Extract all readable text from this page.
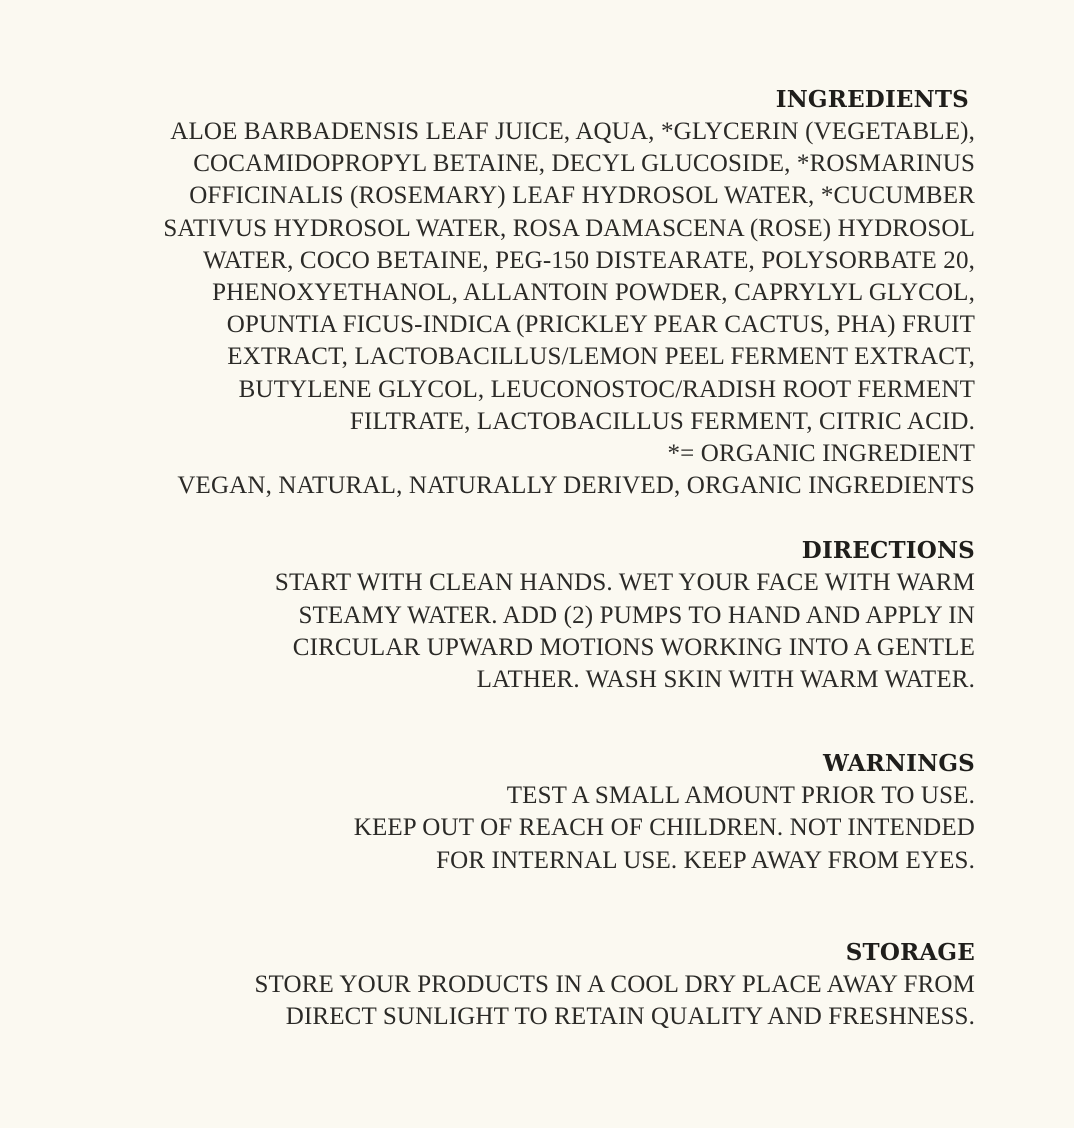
INGREDIENTS

ALOE BARBADENSIS LEAF JUICE, AQUA, *GLYCERIN (VEGETABLE),

COCAMIDOPROPYL BETAINE, DECYL GLUCOSIDE, *ROSMARINUS

OFFICINALIS (ROSEMARY) LEAF HYDROSOL WATER, *CUCUMBER

SATIVUS HYDROSOL WATER, ROSA DAMASCENA (ROSE) HYDROSOL

WATER, COCO BETAINE, PEG-150 DISTEARATE, POLYSORBATE 20,

PHENOXYETHANOL, ALLANTOIN POWDER, CAPRYLYL GLYCOL,

OPUNTIA FICUS-INDICA (PRICKLEY PEAR CACTUS, PHA) FRUIT

EXTRACT, LACTOBACILLUS/LEMON PEEL FERMENT EXTRACT,

BUTYLENE GLYCOL, LEUCONOSTOC/RADISH ROOT FERMENT

FILTRATE, LACTOBACILLUS FERMENT, CITRIC ACID.

*= ORGANIC INGREDIENT

VEGAN, NATURAL, NATURALLY DERIVED, ORGANIC INGREDIENTS

DIRECTIONS

START WITH CLEAN HANDS. WET YOUR FACE WITH WARM

STEAMY WATER. ADD (2) PUMPS TO HAND AND APPLY IN

CIRCULAR UPWARD MOTIONS WORKING INTO A GENTLE

LATHER. WASH SKIN WITH WARM WATER.

WARNINGS

TEST A SMALL AMOUNT PRIOR TO USE.

KEEP OUT OF REACH OF CHILDREN. NOT INTENDED

FOR INTERNAL USE. KEEP AWAY FROM EYES.

STORAGE

STORE YOUR PRODUCTS IN A COOL DRY PLACE AWAY FROM

DIRECT SUNLIGHT TO RETAIN QUALITY AND FRESHNESS.
